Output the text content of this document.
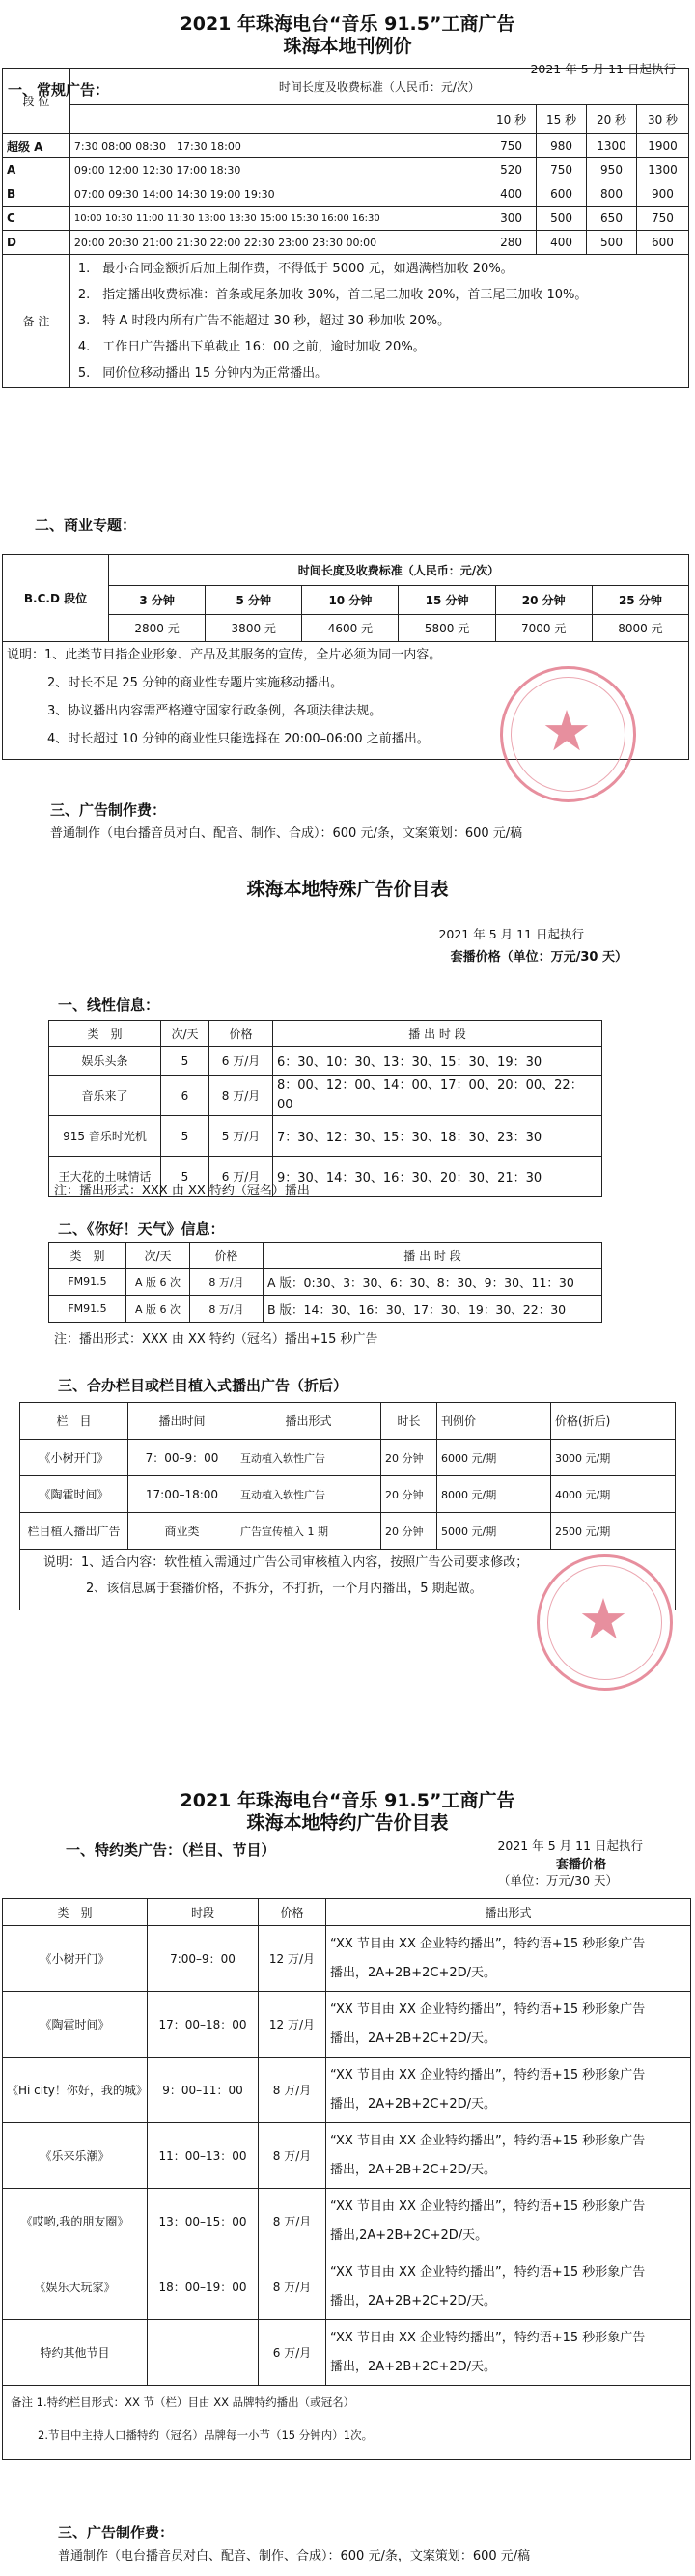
2021 年珠海电台“音乐 91.5”工商广告
珠海本地刊例价
2021 年 5 月 11 日起执行
一、常规广告：
段 位	时间长度及收费标准（人民币：元/次）				
		10 秒	15 秒	20 秒	30 秒
超级 A	7:30 08:00 08:30　17:30 18:00	750	980	1300	1900
A	09:00 12:00 12:30 17:00 18:30	520	750	950	1300
B	07:00 09:30 14:00 14:30 19:00 19:30	400	600	800	900
C	10:00 10:30 11:00 11:30 13:00 13:30 15:00 15:30 16:00 16:30	300	500	650	750
D	20:00 20:30 21:00 21:30 22:00 22:30 23:00 23:30 00:00	280	400	500	600
备 注	1.　最小合同金额折后加上制作费，不得低于 5000 元，如遇满档加收 20%。
2.　指定播出收费标准：首条或尾条加收 30%，首二尾二加收 20%，首三尾三加收 10%。
3.　特 A 时段内所有广告不能超过 30 秒，超过 30 秒加收 20%。
4.　工作日广告播出下单截止 16：00 之前，逾时加收 20%。
5.　同价位移动播出 15 分钟内为正常播出。				
二、商业专题：
B.C.D 段位	时间长度及收费标准（人民币：元/次）					
	3 分钟	5 分钟	10 分钟	15 分钟	20 分钟	25 分钟
	2800 元	3800 元	4600 元	5800 元	7000 元	8000 元
说明：1、此类节目指企业形象、产品及其服务的宣传，全片必须为同一内容。
2、时长不足 25 分钟的商业性专题片实施移动播出。
3、协议播出内容需严格遵守国家行政条例，各项法律法规。
4、时长超过 10 分钟的商业性只能选择在 20:00–06:00 之前播出。
三、广告制作费：
普通制作（电台播音员对白、配音、制作、合成）：600 元/条，文案策划：600 元/稿
★
珠海本地特殊广告价目表
2021 年 5 月 11 日起执行
套播价格（单位：万元/30 天）
一、线性信息：
类　别	次/天	价格	播 出 时 段
娱乐头条	5	6 万/月	6：30、10：30、13：30、15：30、19：30
音乐来了	6	8 万/月	8：00、12：00、14：00、17：00、20：00、22：00
915 音乐时光机	5	5 万/月	7：30、12：30、15：30、18：30、23：30
王大花的土味情话	5	6 万/月	9：30、14：30、16：30、20：30、21：30
注：播出形式：XXX 由 XX 特约（冠名）播出
二、《你好！天气》信息：
类　别	次/天	价格	播 出 时 段
FM91.5	A 版 6 次	8 万/月	A 版：0:30、3：30、6：30、8：30、9：30、11：30
FM91.5	A 版 6 次	8 万/月	B 版：14：30、16：30、17：30、19：30、22：30
注：播出形式：XXX 由 XX 特约（冠名）播出+15 秒广告
三、合办栏目或栏目植入式播出广告（折后）
栏　目	播出时间	播出形式	时长	刊例价	价格(折后)
《小树开门》	7：00–9：00	互动植入软性广告	20 分钟	6000 元/期	3000 元/期
《陶霍时间》	17:00–18:00	互动植入软性广告	20 分钟	8000 元/期	4000 元/期
栏目植入播出广告	商业类	广告宣传植入 1 期	20 分钟	5000 元/期	2500 元/期
说明：1、适合内容：软性植入需通过广告公司审核植入内容，按照广告公司要求修改；
2、该信息属于套播价格，不拆分，不打折，一个月内播出，5 期起做。	★
2021 年珠海电台“音乐 91.5”工商广告
珠海本地特约广告价目表
一、特约类广告：（栏目、节目）	2021 年 5 月 11 日起执行
套播价格
（单位：万元/30 天）
类　别	时段	价格	播出形式
《小树开门》	7:00–9：00	12 万/月	“XX 节目由 XX 企业特约播出”，特约语+15 秒形象广告
播出，2A+2B+2C+2D/天。

《陶霍时间》	17：00–18：00	12 万/月	“XX 节目由 XX 企业特约播出”，特约语+15 秒形象广告
播出，2A+2B+2C+2D/天。

《Hi city！你好，我的城》	9：00–11：00	8 万/月	“XX 节目由 XX 企业特约播出”，特约语+15 秒形象广告
播出，2A+2B+2C+2D/天。

《乐来乐潮》	11：00–13：00	8 万/月	“XX 节目由 XX 企业特约播出”，特约语+15 秒形象广告
播出，2A+2B+2C+2D/天。

《哎哟,我的朋友圈》	13：00–15：00	8 万/月	“XX 节目由 XX 企业特约播出”，特约语+15 秒形象广告
播出,2A+2B+2C+2D/天。

《娱乐大玩家》	18：00–19：00	8 万/月	“XX 节目由 XX 企业特约播出”，特约语+15 秒形象广告
播出，2A+2B+2C+2D/天。

特约其他节目		6 万/月	“XX 节目由 XX 企业特约播出”，特约语+15 秒形象广告
播出，2A+2B+2C+2D/天。
备注 1.特约栏目形式：XX 节（栏）目由 XX 品牌特约播出（或冠名）
2.节目中主持人口播特约（冠名）品牌每一小节（15 分钟内）1次。
三、广告制作费：
普通制作（电台播音员对白、配音、制作、合成）：600 元/条，文案策划：600 元/稿
